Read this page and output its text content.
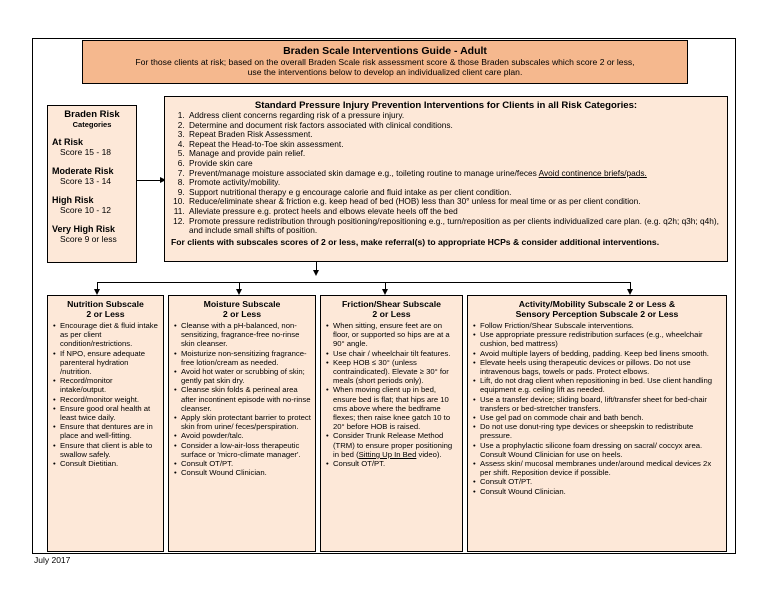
Braden Scale Interventions Guide - Adult
For those clients at risk; based on the overall Braden Scale risk assessment score & those Braden subscales which score 2 or less,
use the interventions below to develop an individualized client care plan.
Braden Risk
Categories
At Risk
Score 15 - 18
Moderate Risk
Score 13 - 14
High Risk
Score 10 - 12
Very High Risk
Score 9 or less
Standard Pressure Injury Prevention Interventions for Clients in all Risk Categories:
1. Address client concerns regarding risk of a pressure injury.
2. Determine and document risk factors associated with clinical conditions.
3. Repeat Braden Risk Assessment.
4. Repeat the Head-to-Toe skin assessment.
5. Manage and provide pain relief.
6. Provide skin care
7. Prevent/manage moisture associated skin damage e.g., toileting routine to manage urine/feces Avoid continence briefs/pads.
8. Promote activity/mobility.
9. Support nutritional therapy e g encourage calorie and fluid intake as per client condition.
10. Reduce/eliminate shear & friction e.g. keep head of bed (HOB) less than 30° unless for meal time or as per client condition.
11. Alleviate pressure e.g. protect heels and elbows elevate heels off the bed
12. Promote pressure redistribution through positioning/repositioning e.g., turn/reposition as per clients individualized care plan. (e.g. q2h; q3h; q4h), and include small shifts of position.
For clients with subscales scores of 2 or less, make referral(s) to appropriate HCPs & consider additional interventions.
Nutrition Subscale
2 or Less
• Encourage diet & fluid intake as per client condition/restrictions.
• If NPO, ensure adequate parenteral hydration /nutrition.
• Record/monitor intake/output.
• Record/monitor weight.
• Ensure good oral health at least twice daily.
• Ensure that dentures are in place and well-fitting.
• Ensure that client is able to swallow safely.
• Consult Dietitian.
Moisture Subscale
2 or Less
• Cleanse with a pH-balanced, non-sensitizing, fragrance-free no-rinse skin cleanser.
• Moisturize non-sensitizing fragrance-free lotion/cream as needed.
• Avoid hot water or scrubbing of skin; gently pat skin dry.
• Cleanse skin folds & perineal area after incontinent episode with no-rinse cleanser.
• Apply skin protectant barrier to protect skin from urine/ feces/perspiration.
• Avoid powder/talc.
• Consider a low-air-loss therapeutic surface or 'micro-climate manager'.
• Consult OT/PT.
• Consult Wound Clinician.
Friction/Shear Subscale
2 or Less
• When sitting, ensure feet are on floor, or supported so hips are at a 90° angle.
• Use chair / wheelchair tilt features.
• Keep HOB ≤ 30° (unless contraindicated). Elevate ≥ 30° for meals (short periods only).
• When moving client up in bed, ensure bed is flat; that hips are 10 cms above where the bedframe flexes; then raise knee gatch 10 to 20° before HOB is raised.
• Consider Trunk Release Method (TRM) to ensure proper positioning in bed (Sitting Up In Bed video).
• Consult OT/PT.
Activity/Mobility Subscale 2 or Less &
Sensory Perception Subscale 2 or Less
• Follow Friction/Shear Subscale interventions.
• Use appropriate pressure redistribution surfaces (e.g., wheelchair cushion, bed mattress)
• Avoid multiple layers of bedding, padding. Keep bed linens smooth.
• Elevate heels using therapeutic devices or pillows. Do not use intravenous bags, towels or pads. Protect elbows.
• Lift, do not drag client when repositioning in bed. Use client handling equipment e.g. ceiling lift as needed.
• Use a transfer device; sliding board, lift/transfer sheet for bed-chair transfers or bed-stretcher transfers.
• Use gel pad on commode chair and bath bench.
• Do not use donut-ring type devices or sheepskin to redistribute pressure.
• Use a prophylactic silicone foam dressing on sacral/ coccyx area. Consult Wound Clinician for use on heels.
• Assess skin/ mucosal membranes under/around medical devices 2x per shift. Reposition device if possible.
• Consult OT/PT.
• Consult Wound Clinician.
July 2017
